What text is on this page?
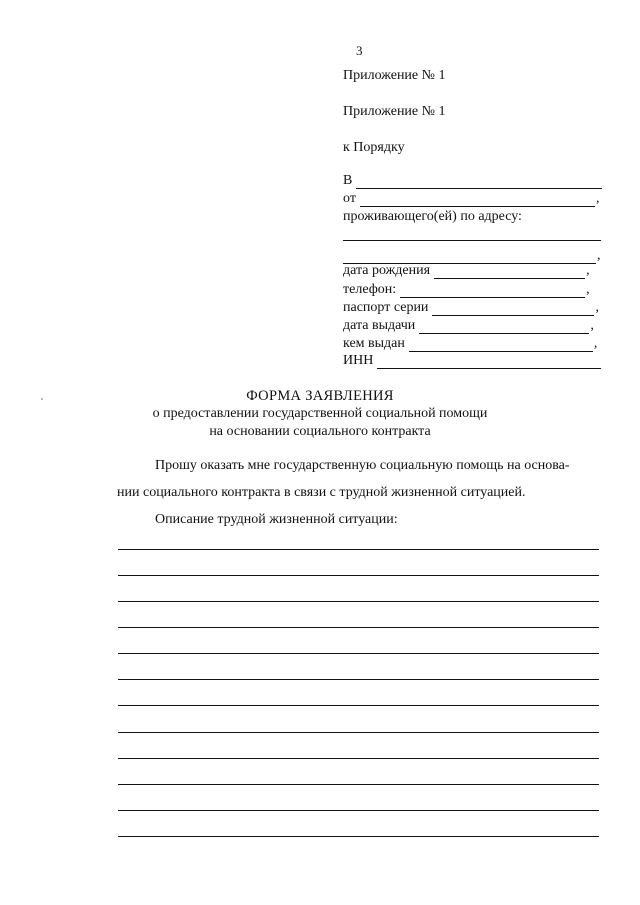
3
Приложение № 1
Приложение № 1
к Порядку
В
от	,
проживающего(ей) по адресу:
,
дата рождения	,
телефон:	,
паспорт серии	,
дата выдачи	,
кем выдан	,
ИНН
ФОРМА ЗАЯВЛЕНИЯ
о предоставлении государственной социальной помощи
на основании социального контракта
Прошу оказать мне государственную социальную помощь на основа-
нии социального контракта в связи с трудной жизненной ситуацией.
Описание трудной жизненной ситуации:
